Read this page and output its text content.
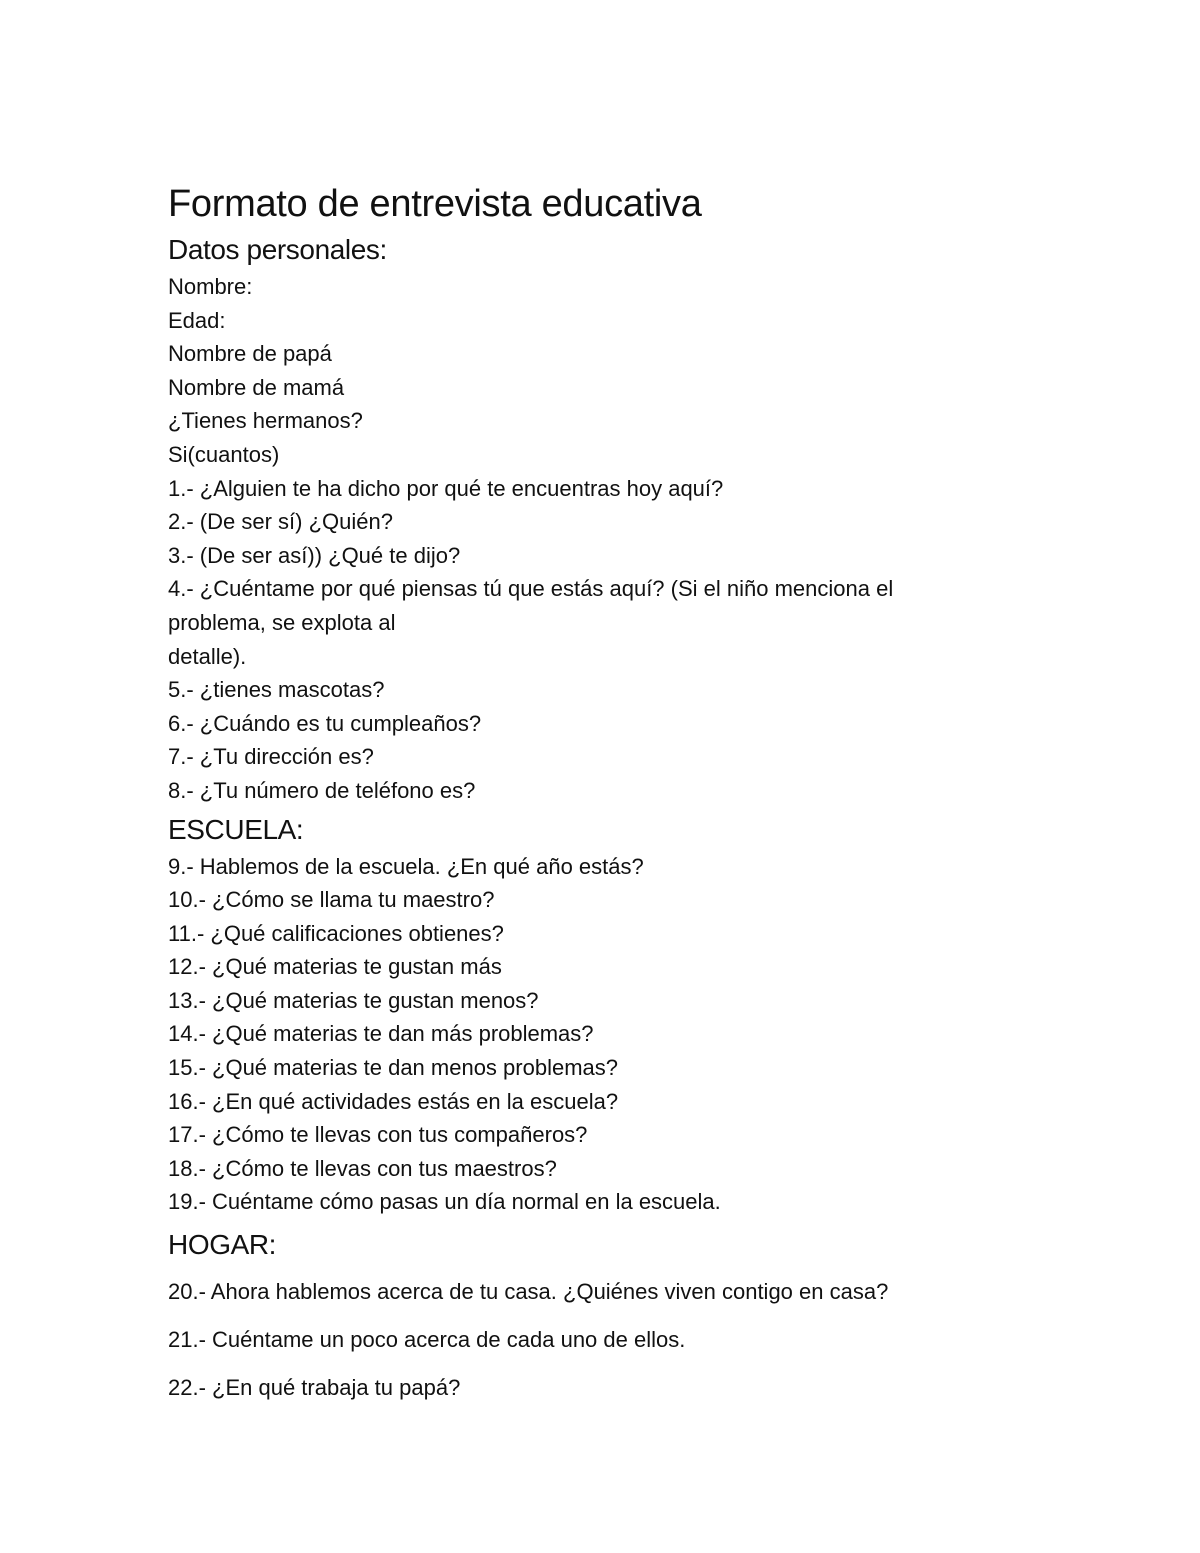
Formato de entrevista educativa
Datos personales:

Nombre:

Edad:

Nombre de papá

Nombre de mamá

¿Tienes hermanos?

Si(cuantos)

1.- ¿Alguien te ha dicho por qué te encuentras hoy aquí?

2.- (De ser sí) ¿Quién?

3.- (De ser así)) ¿Qué te dijo?

4.- ¿Cuéntame por qué piensas tú que estás aquí? (Si el niño menciona el

problema, se explota al

detalle).

5.- ¿tienes mascotas?

6.- ¿Cuándo es tu cumpleaños?

7.- ¿Tu dirección es?

8.- ¿Tu número de teléfono es?

ESCUELA:

9.- Hablemos de la escuela. ¿En qué año estás?

10.- ¿Cómo se llama tu maestro?

11.- ¿Qué calificaciones obtienes?

12.- ¿Qué materias te gustan más

13.- ¿Qué materias te gustan menos?

14.- ¿Qué materias te dan más problemas?

15.- ¿Qué materias te dan menos problemas?

16.- ¿En qué actividades estás en la escuela?

17.- ¿Cómo te llevas con tus compañeros?

18.- ¿Cómo te llevas con tus maestros?

19.- Cuéntame cómo pasas un día normal en la escuela.

HOGAR:

20.- Ahora hablemos acerca de tu casa. ¿Quiénes viven contigo en casa?

21.- Cuéntame un poco acerca de cada uno de ellos.

22.- ¿En qué trabaja tu papá?
